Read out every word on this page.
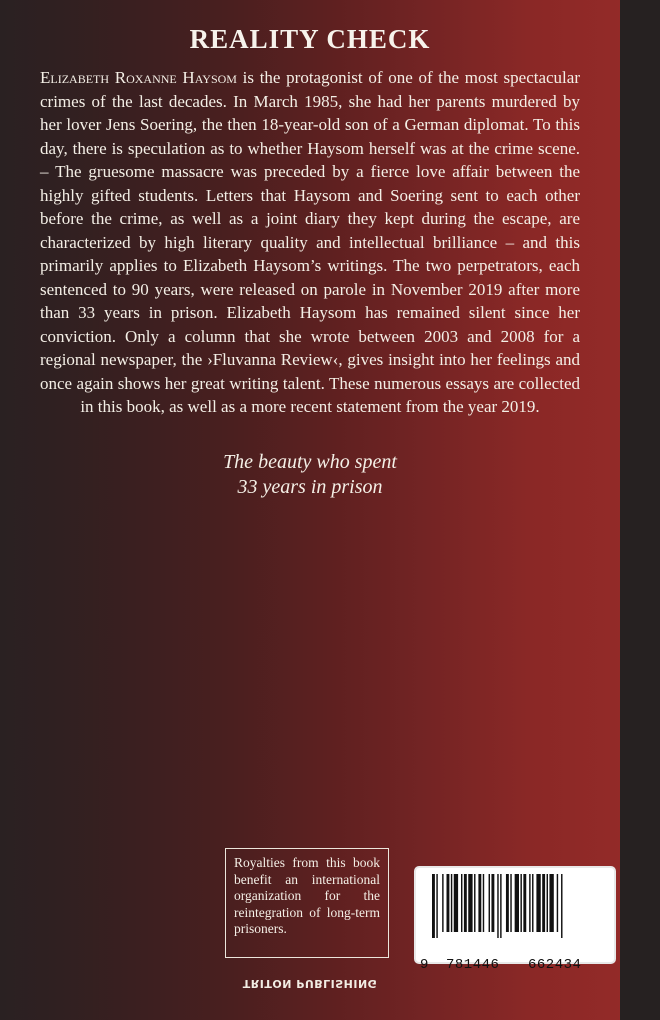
REALITY CHECK

Elizabeth Roxanne Haysom is the protagonist of one of the most spectacular crimes of the last decades. In March 1985, she had her parents murdered by her lover Jens Soering, the then 18-year-old son of a German diplomat. To this day, there is speculation as to whether Haysom herself was at the crime scene. – The gruesome massacre was preceded by a fierce love affair between the highly gifted students. Letters that Haysom and Soering sent to each other before the crime, as well as a joint diary they kept during the escape, are characterized by high literary quality and intellectual brilliance – and this primarily applies to Elizabeth Haysom’s writings. The two perpetrators, each sentenced to 90 years, were released on parole in November 2019 after more than 33 years in prison. Elizabeth Haysom has remained silent since her conviction. Only a column that she wrote between 2003 and 2008 for a regional newspaper, the ›Fluvanna Review‹, gives insight into her feelings and once again shows her great writing talent. These numerous essays are collected in this book, as well as a more recent statement from the year 2019.

The beauty who spent
33 years in prison
Royalties from this book benefit an international organization for the reintegration of long-term prisoners.
9 781446 662434
TRITON PUBLISHING
